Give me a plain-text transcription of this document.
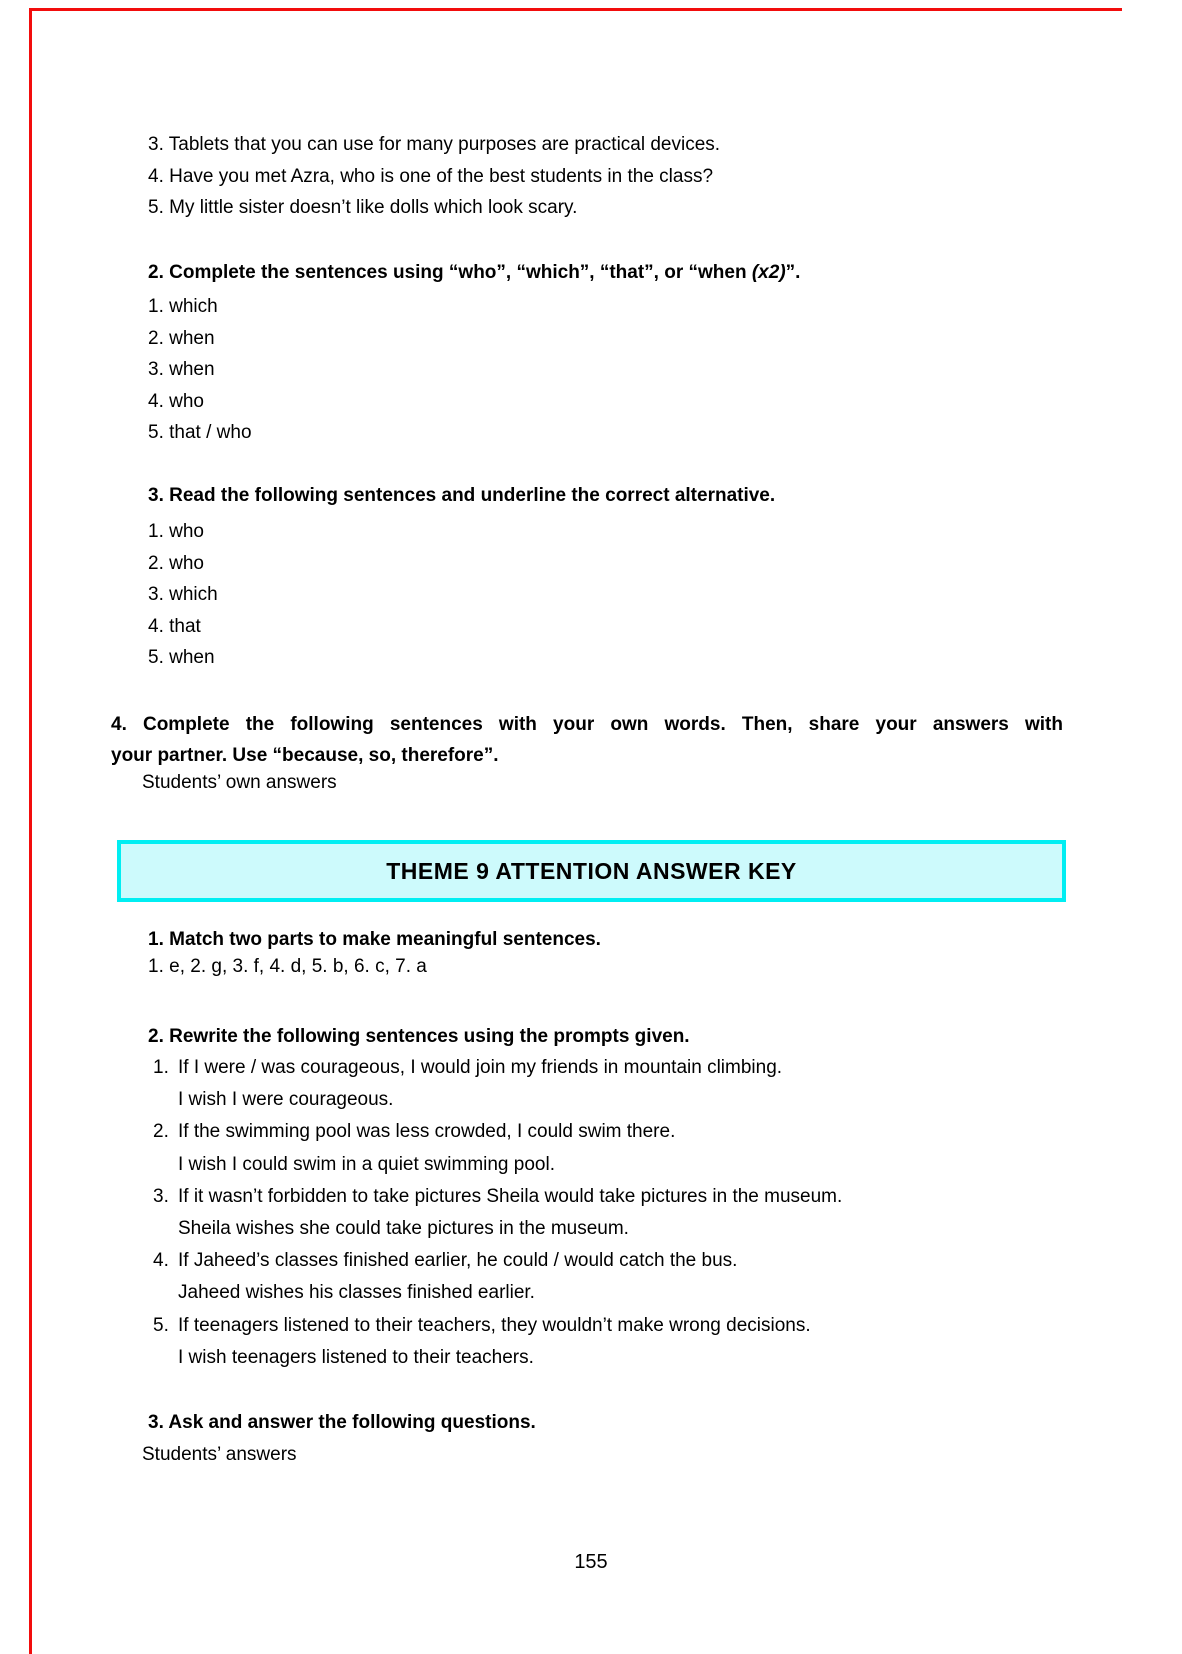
3. Tablets that you can use for many purposes are practical devices.
4. Have you met Azra, who is one of the best students in the class?
5. My little sister doesn’t like dolls which look scary.
2. Complete the sentences using “who”, “which”, “that”, or “when (x2)”.
1. which
2. when
3. when
4. who
5. that / who
3. Read the following sentences and underline the correct alternative.
1. who
2. who
3. which
4. that
5. when
4. Complete the following sentences with your own words. Then, share your answers with
your partner. Use “because, so, therefore”.
Students’ own answers
THEME 9 ATTENTION ANSWER KEY
1. Match two parts to make meaningful sentences.
1. e, 2. g, 3. f, 4. d, 5. b, 6. c, 7. a
2. Rewrite the following sentences using the prompts given.
1. If I were / was courageous, I would join my friends in mountain climbing.
I wish I were courageous.
2. If the swimming pool was less crowded, I could swim there.
I wish I could swim in a quiet swimming pool.
3. If it wasn’t forbidden to take pictures Sheila would take pictures in the museum.
Sheila wishes she could take pictures in the museum.
4. If Jaheed’s classes finished earlier, he could / would catch the bus.
Jaheed wishes his classes finished earlier.
5. If teenagers listened to their teachers, they wouldn’t make wrong decisions.
I wish teenagers listened to their teachers.
3. Ask and answer the following questions.
Students’ answers
155
